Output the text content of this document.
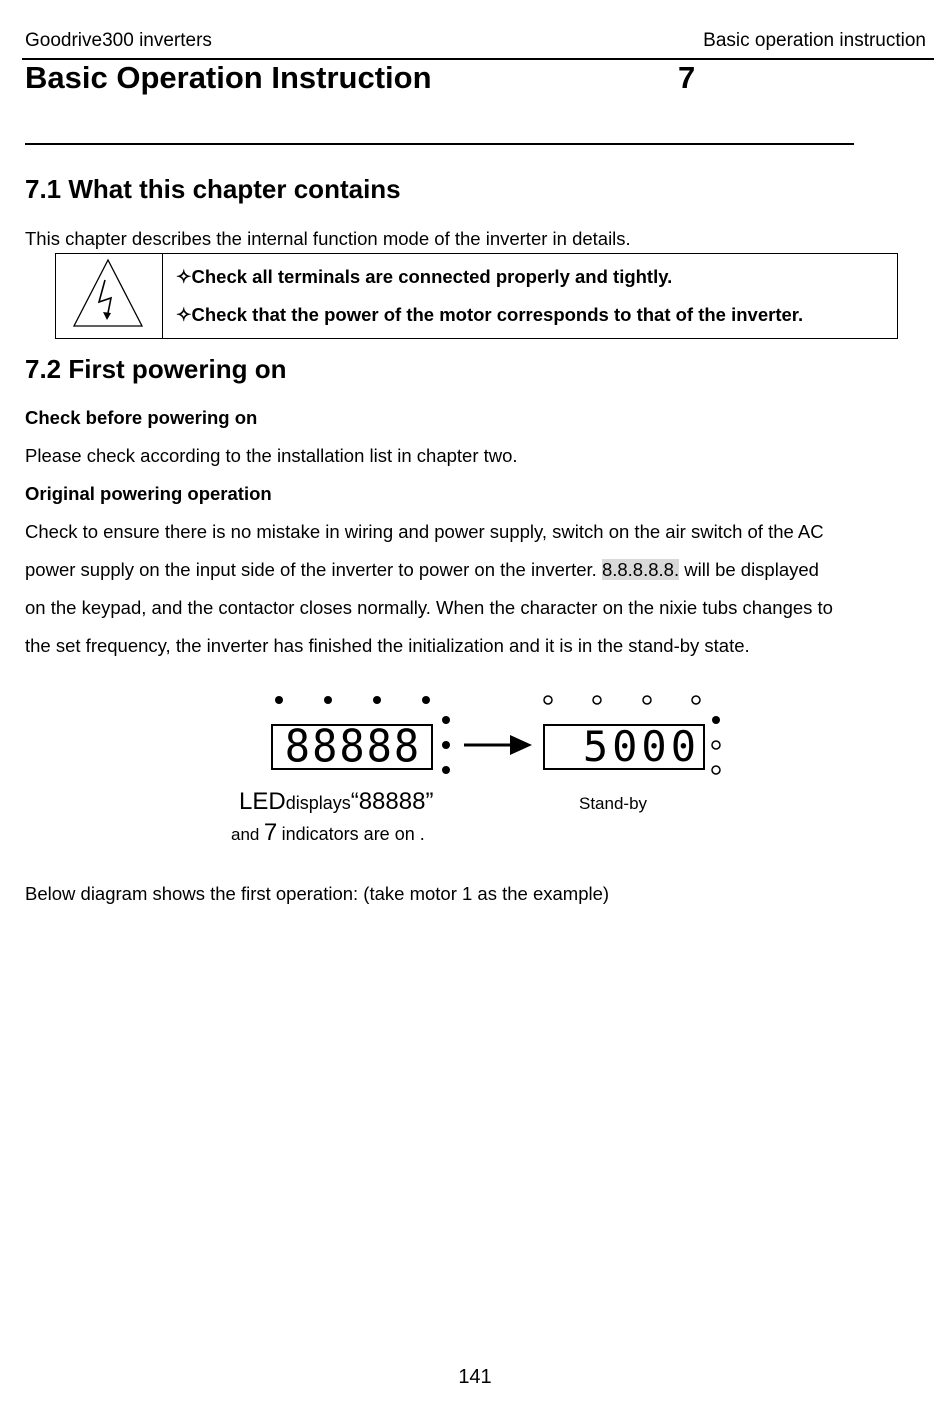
Goodrive300 inverters	Basic operation instruction
Basic Operation Instruction	7
7.1 What this chapter contains
This chapter describes the internal function mode of the inverter in details.
✧Check all terminals are connected properly and tightly.
✧Check that the power of the motor corresponds to that of the inverter.
7.2 First powering on
Check before powering on
Please check according to the installation list in chapter two.
Original powering operation
Check to ensure there is no mistake in wiring and power supply, switch on the air switch of the AC
power supply on the input side of the inverter to power on the inverter. 8.8.8.8.8. will be displayed
on the keypad, and the contactor closes normally. When the character on the nixie tubs changes to
the set frequency, the inverter has finished the initialization and it is in the stand-by state.
88888	5000
LEDdisplays“88888”
and 7 indicators are on .
Stand-by
Below diagram shows the first operation: (take motor 1 as the example)
141
